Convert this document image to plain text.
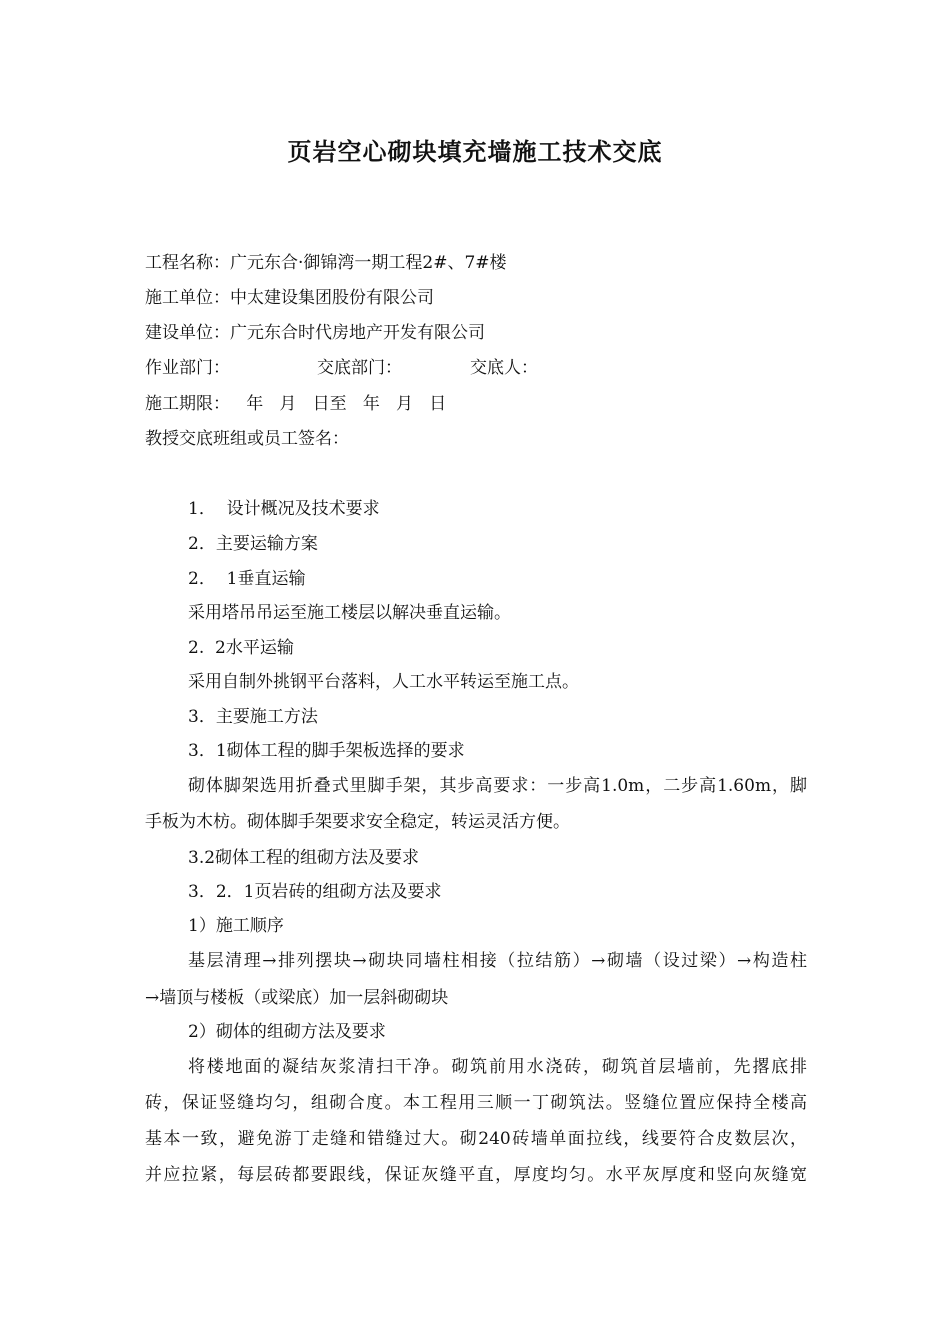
页岩空心砌块填充墙施工技术交底
工程名称：广元东合·御锦湾一期工程2#、7#楼
施工单位：中太建设集团股份有限公司
建设单位：广元东合时代房地产开发有限公司
作业部门：	交底部门：	交底人：
施工期限：   年   月   日至   年   月   日
教授交底班组或员工签名：
1．  设计概况及技术要求
2．主要运输方案
2．  1垂直运输
采用塔吊吊运至施工楼层以解决垂直运输。
2.  2水平运输
采用自制外挑钢平台落料，人工水平转运至施工点。
3．主要施工方法
3．1砌体工程的脚手架板选择的要求
砌体脚架选用折叠式里脚手架，其步高要求：一步高1.0m，二步高1.60m，脚
手板为木枋。砌体脚手架要求安全稳定，转运灵活方便。
3.2砌体工程的组砌方法及要求
3．2．1页岩砖的组砌方法及要求
1）施工顺序
基层清理→排列摆块→砌块同墙柱相接（拉结筋）→砌墙（设过梁）→构造柱
→墙顶与楼板（或梁底）加一层斜砌砌块
2）砌体的组砌方法及要求
将楼地面的凝结灰浆清扫干净。砌筑前用水浇砖，砌筑首层墙前，先撂底排
砖，保证竖缝均匀，组砌合度。本工程用三顺一丁砌筑法。竖缝位置应保持全楼高
基本一致，避免游丁走缝和错缝过大。砌240砖墙单面拉线，线要符合皮数层次，
并应拉紧，每层砖都要跟线，保证灰缝平直，厚度均匀。水平灰厚度和竖向灰缝宽
